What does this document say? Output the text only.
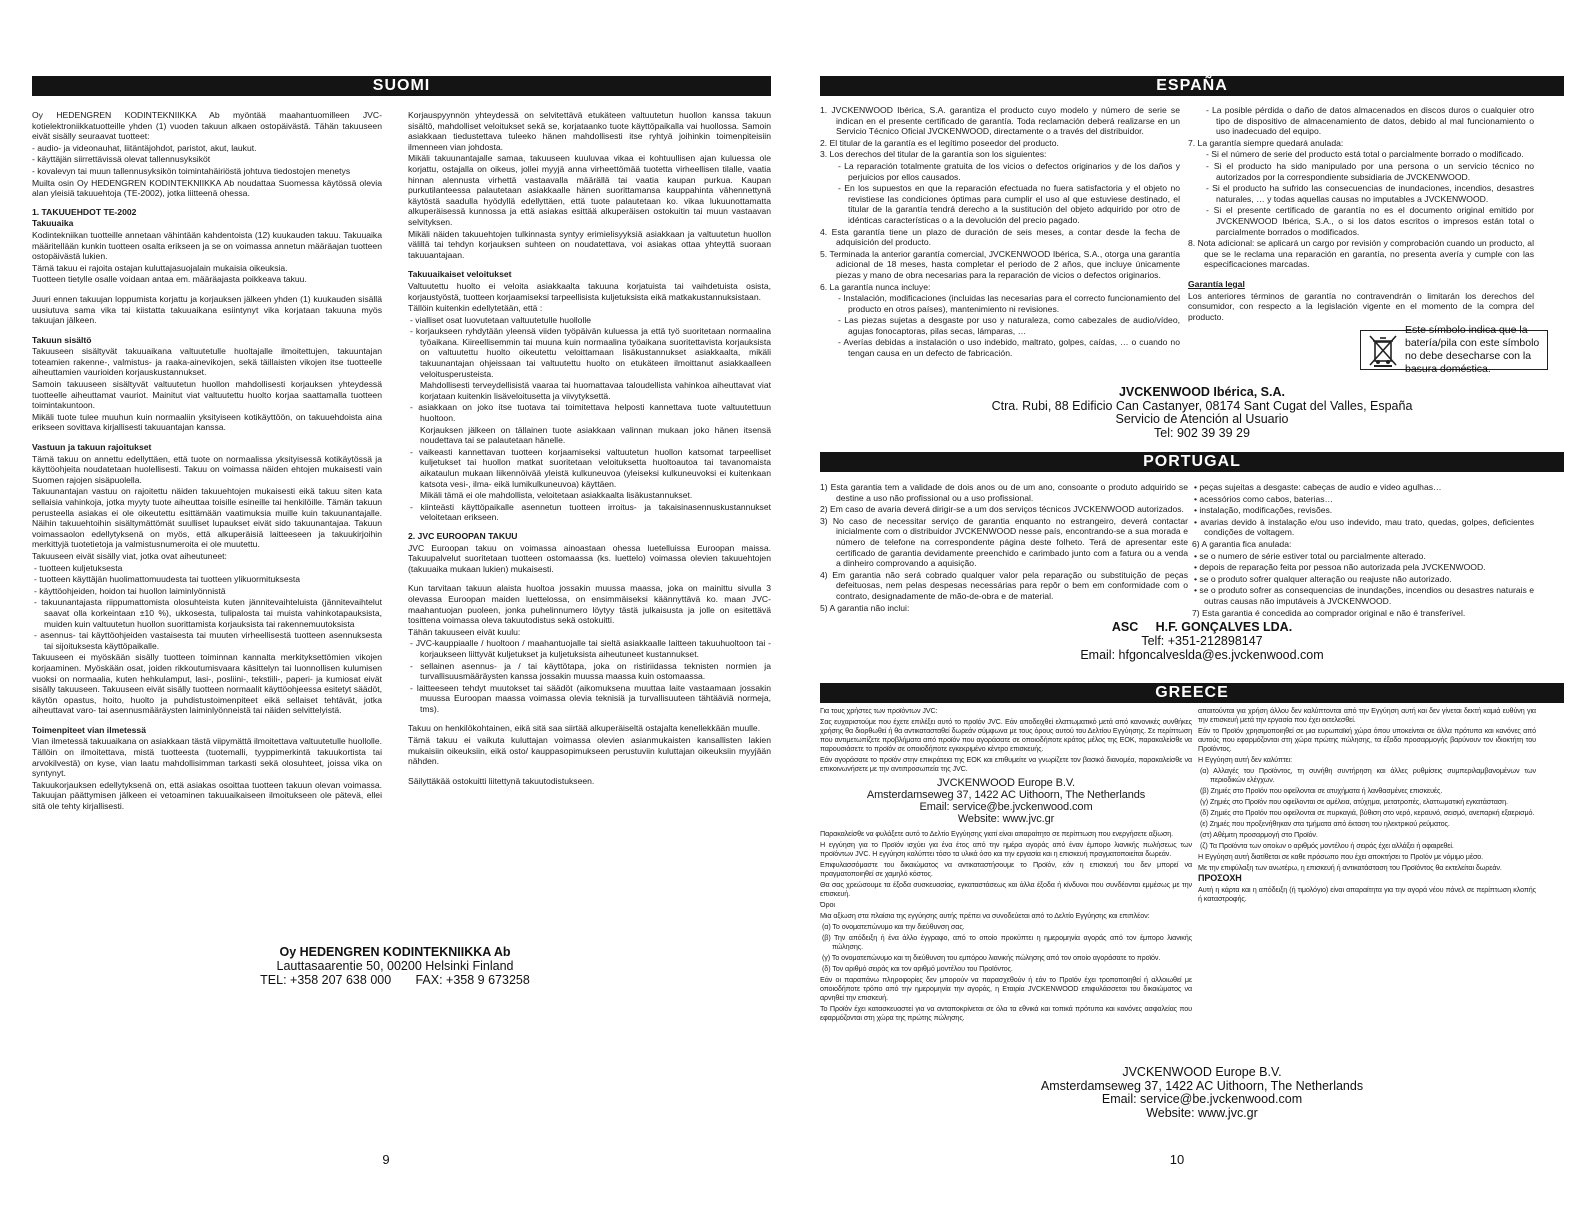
SUOMI

Oy HEDENGREN KODINTEKNIIKKA Ab myöntää maahantuomilleen JVC-kotielektroniikkatuotteille yhden (1) vuoden takuun alkaen ostopäivästä. Tähän takuuseen eivät sisälly seuraavat tuotteet:

- audio- ja videonauhat, liitäntäjohdot, paristot, akut, laukut.

- käyttäjän siirrettävissä olevat tallennusyksiköt

- kovalevyn tai muun tallennusyksikön toimintahäiriöstä johtuva tiedostojen menetys

Muilta osin Oy HEDENGREN KODINTEKNIIKKA Ab noudattaa Suomessa käytössä olevia alan yleisiä takuuehtoja (TE-2002), jotka liitteenä ohessa.

1. TAKUUEHDOT TE-2002

Takuuaika

Kodintekniikan tuotteille annetaan vähintään kahdentoista (12) kuukauden takuu. Takuuaika määritellään kunkin tuotteen osalta erikseen ja se on voimassa annetun määräajan tuotteen ostopäivästä lukien.

Tämä takuu ei rajoita ostajan kuluttajasuojalain mukaisia oikeuksia.

Tuotteen tietylle osalle voidaan antaa em. määräajasta poikkeava takuu.

Juuri ennen takuujan loppumista korjattu ja korjauksen jälkeen yhden (1) kuukauden sisällä uusiutuva sama vika tai kiistatta takuuaikana esiintynyt vika korjataan takuuna myös takuujan jälkeen.

Takuun sisältö

Takuuseen sisältyvät takuuaikana valtuutetulle huoltajalle ilmoitettujen, takuuntajan toteamien rakenne-, valmistus- ja raaka-ainevikojen, sekä täillaisten vikojen itse tuotteelle aiheuttamien vaurioiden korjauskustannukset.

Samoin takuuseen sisältyvät valtuutetun huollon mahdollisesti korjauksen yhteydessä tuotteelle aiheuttamat vauriot. Mainitut viat valtuutettu huolto korjaa saattamalla tuotteen toimintakuntoon.

Mikäli tuote tulee muuhun kuin normaaliin yksityiseen kotikäyttöön, on takuuehdoista aina erikseen sovittava kirjallisesti takuuantajan kanssa.

Vastuun ja takuun rajoitukset

Tämä takuu on annettu edellyttäen, että tuote on normaalissa yksityisessä kotikäytössä ja käyttöohjeita noudatetaan huolellisesti. Takuu on voimassa näiden ehtojen mukaisesti vain Suomen rajojen sisäpuolella.

Takuunantajan vastuu on rajoitettu näiden takuuehtojen mukaisesti eikä takuu siten kata sellaisia vahinkoja, jotka myyty tuote aiheuttaa toisille esineille tai henkilöille. Tämän takuun perusteella asiakas ei ole oikeutettu esittämään vaatimuksia muille kuin takuunantajalle. Näihin takuuehtoihin sisältymättömät suulliset lupaukset eivät sido takuunantajaa. Takuun voimassaolon edellytyksenä on myös, että alkuperäisiä laitteeseen ja takuukirjoihin merkittyjä tuotetietoja ja valmistusnumeroita ei ole muutettu.

Takuuseen eivät sisälly viat, jotka ovat aiheutuneet:

- tuotteen kuljetuksesta

- tuotteen käyttäjän huolimattomuudesta tai tuotteen ylikuormituksesta

- käyttöohjeiden, hoidon tai huollon laiminlyönnistä

- takuunantajasta riippumattomista olosuhteista kuten jännitevaihteluista (jännitevaihtelut saavat olla korkeintaan ±10 %), ukkosesta, tulipalosta tai muista vahinkotapauksista, muiden kuin valtuutetun huollon suorittamista korjauksista tai rakennemuutoksista

- asennus- tai käyttöohjeiden vastaisesta tai muuten virheellisestä tuotteen asennuksesta tai sijoituksesta käyttöpaikalle.

Takuuseen ei myöskään sisälly tuotteen toiminnan kannalta merkityksettömien vikojen korjaaminen. Myöskään osat, joiden rikkoutumisvaara käsittelyn tai luonnollisen kulumisen vuoksi on normaalia, kuten hehkulamput, lasi-, posliini-, tekstiili-, paperi- ja kumiosat eivät sisälly takuuseen. Takuuseen eivät sisälly tuotteen normaalit käyttöohjeessa esitetyt säädöt, käytön opastus, hoito, huolto ja puhdistustoimenpiteet eikä sellaiset tehtävät, jotka aiheuttavat varo- tai asennusmääräysten laiminlyönneistä tai näiden selvittelyistä.

Toimenpiteet vian ilmetessä

Vian ilmetessä takuuaikana on asiakkaan tästä viipymättä ilmoitettava valtuutetulle huollolle. Tällöin on ilmoitettava, mistä tuotteesta (tuotemalli, tyyppimerkintä takuukortista tai arvokilvestä) on kyse, vian laatu mahdollisimman tarkasti sekä olosuhteet, joissa vika on syntynyt.

Takuukorjauksen edellytyksenä on, että asiakas osoittaa tuotteen takuun olevan voimassa. Takuujan päättymisen jälkeen ei vetoaminen takuuaikaiseen ilmoitukseen ole pätevä, ellei sitä ole tehty kirjallisesti.

Korjauspyynnön yhteydessä on selvitettävä etukäteen valtuutetun huollon kanssa takuun sisältö, mahdolliset veloitukset sekä se, korjataanko tuote käyttöpaikalla vai huollossa. Samoin asiakkaan tiedustettava tuleeko hänen mahdollisesti itse ryhtyä joihinkin toimenpiteisiin ilmenneen vian johdosta.

Mikäli takuunantajalle samaa, takuuseen kuuluvaa vikaa ei kohtuullisen ajan kuluessa ole korjattu, ostajalla on oikeus, jollei myyjä anna virheettömää tuotetta virheellisen tilalle, vaatia hinnan alennusta virhettä vastaavalla määrällä tai vaatia kaupan purkua. Kaupan purkutilanteessa palautetaan asiakkaalle hänen suorittamansa kauppahinta vähennettynä käytöstä saadulla hyödyllä edellyttäen, että tuote palautetaan ko. vikaa lukuunottamatta alkuperäisessä kunnossa ja että asiakas esittää alkuperäisen ostokuitin tai muun vastaavan selvityksen.

Mikäli näiden takuuehtojen tulkinnasta syntyy erimielisyyksiä asiakkaan ja valtuutetun huollon välillä tai tehdyn korjauksen suhteen on noudatettava, voi asiakas ottaa yhteyttä suoraan takuuantajaan.

Takuuaikaiset veloitukset

Valtuutettu huolto ei veloita asiakkaalta takuuna korjatuista tai vaihdetuista osista, korjaustyöstä, tuotteen korjaamiseksi tarpeellisista kuljetuksista eikä matkakustannuksistaan.

Tällöin kuitenkin edellytetään, että :

- vialliset osat luovutetaan valtuutetulle huollolle

- korjaukseen ryhdytään yleensä viiden työpäivän kuluessa ja että työ suoritetaan normaalina työaikana. Kiireellisemmin tai muuna kuin normaalina työaikana suoritettavista korjauksista on valtuutettu huolto oikeutettu veloittamaan lisäkustannukset asiakkaalta, mikäli takuunantajan ohjeissaan tai valtuutettu huolto on etukäteen ilmoittanut asiakkaalleen veloitusperusteista.

Mahdollisesti terveydellisistä vaaraa tai huomattavaa taloudellista vahinkoa aiheuttavat viat korjataan kuitenkin lisäveloitusetta ja viivytyksettä.

- asiakkaan on joko itse tuotava tai toimitettava helposti kannettava tuote valtuutettuun huoltoon.

Korjauksen jälkeen on tällainen tuote asiakkaan valinnan mukaan joko hänen itsensä noudettava tai se palautetaan hänelle.

- vaikeasti kannettavan tuotteen korjaamiseksi valtuutetun huollon katsomat tarpeelliset kuljetukset tai huollon matkat suoritetaan veloituksetta huoltoautoa tai tavanomaista aikataulun mukaan liikennöivää yleistä kulkuneuvoa (yleiseksi kulkuneuvoksi ei kuitenkaan katsota vesi-, ilma- eikä lumikulkuneuvoa) käyttäen.

Mikäli tämä ei ole mahdollista, veloitetaan asiakkaalta lisäkustannukset.

- kiinteästi käyttöpaikalle asennetun tuotteen irroitus- ja takaisinasennuskustannukset veloitetaan erikseen.

2. JVC EUROOPAN TAKUU

JVC Euroopan takuu on voimassa ainoastaan ohessa luetelluissa Euroopan maissa. Takuupalvelut suoritetaan tuotteen ostomaassa (ks. luettelo) voimassa olevien takuuehtojen (takuuaika mukaan lukien) mukaisesti.

Kun tarvitaan takuun alaista huoltoa jossakin muussa maassa, joka on mainittu sivulla 3 olevassa Euroopan maiden luettelossa, on ensimmäiseksi käännyttävä ko. maan JVC-maahantuojan puoleen, jonka puhelinnumero löytyy tästä julkaisusta ja jolle on esitettävä tosittena voimassa oleva takuutodistus sekä ostokuitti.

Tähän takuuseen eivät kuulu:

- JVC-kauppiaalle / huoltoon / maahantuojalle tai sieltä asiakkaalle laitteen takuuhuoltoon tai - korjaukseen liittyvät kuljetukset ja kuljetuksista aiheutuneet kustannukset.

- sellainen asennus- ja / tai käyttötapa, joka on ristiriidassa teknisten normien ja turvallisuusmääräysten kanssa jossakin muussa maassa kuin ostomaassa.

- laitteeseen tehdyt muutokset tai säädöt (aikomuksena muuttaa laite vastaamaan jossakin muussa Euroopan maassa voimassa olevia teknisiä ja turvallisuuteen tähtääviä normeja, tms).

Takuu on henkilökohtainen, eikä sitä saa siirtää alkuperäiseltä ostajalta kenellekkään muulle.

Tämä takuu ei vaikuta kuluttajan voimassa olevien asianmukaisten kansallisten lakien mukaisiin oikeuksiin, eikä osto/ kauppasopimukseen perustuviin kuluttajan oikeuksiin myyjään nähden.

Säilyttäkää ostokuitti liitettynä takuutodistukseen.

Oy HEDENGREN KODINTEKNIIKKA Ab
Lauttasaarentie 50, 00200 Helsinki Finland
TEL: +358 207 638 000 FAX: +358 9 673258
9
ESPAÑA

1. JVCKENWOOD Ibérica, S.A. garantiza el producto cuyo modelo y número de serie se indican en el presente certificado de garantía. Toda reclamación deberá realizarse en un Servicio Técnico Oficial JVCKENWOOD, directamente o a través del distribuidor.

2. El titular de la garantía es el legítimo poseedor del producto.

3. Los derechos del titular de la garantía son los siguientes:

- La reparación totalmente gratuita de los vicios o defectos originarios y de los daños y perjuicios por ellos causados.

- En los supuestos en que la reparación efectuada no fuera satisfactoria y el objeto no revistiese las condiciones óptimas para cumplir el uso al que estuviese destinado, el titular de la garantía tendrá derecho a la sustitución del objeto adquirido por otro de idénticas características o a la devolución del precio pagado.

4. Esta garantía tiene un plazo de duración de seis meses, a contar desde la fecha de adquisición del producto.

5. Terminada la anterior garantía comercial, JVCKENWOOD Ibérica, S.A., otorga una garantía adicional de 18 meses, hasta completar el periodo de 2 años, que incluye únicamente piezas y mano de obra necesarias para la reparación de vicios o defectos originarios.

6. La garantía nunca incluye:

- Instalación, modificaciones (incluidas las necesarias para el correcto funcionamiento del producto en otros países), mantenimiento ni revisiones.

- Las piezas sujetas a desgaste por uso y naturaleza, como cabezales de audio/vídeo, agujas fonocaptoras, pilas secas, lámparas, …

- Averías debidas a instalación o uso indebido, maltrato, golpes, caídas, … o cuando no tengan causa en un defecto de fabricación.

- La posible pérdida o daño de datos almacenados en discos duros o cualquier otro tipo de dispositivo de almacenamiento de datos, debido al mal funcionamiento o uso inadecuado del equipo.

7. La garantía siempre quedará anulada:

- Si el número de serie del producto está total o parcialmente borrado o modificado.

- Si el producto ha sido manipulado por una persona o un servicio técnico no autorizados por la correspondiente subsidiaria de JVCKENWOOD.

- Si el producto ha sufrido las consecuencias de inundaciones, incendios, desastres naturales, … y todas aquellas causas no imputables a JVCKENWOOD.

- Si el presente certificado de garantía no es el documento original emitido por JVCKENWOOD Ibérica, S.A., o si los datos escritos o impresos están total o parcialmente borrados o modificados.

8. Nota adicional: se aplicará un cargo por revisión y comprobación cuando un producto, al que se le reclama una reparación en garantía, no presenta avería y cumple con las especificaciones marcadas.

Garantía legal

Los anteriores términos de garantía no contravendrán o limitarán los derechos del consumidor, con respecto a la legislación vigente en el momento de la compra del producto.

Este símbolo indica que la batería/pila con este símbolo no debe desecharse con la basura doméstica.
JVCKENWOOD Ibérica, S.A.
Ctra. Rubi, 88 Edificio Can Castanyer, 08174 Sant Cugat del Valles, España
Servicio de Atención al Usuario
Tel: 902 39 39 29
PORTUGAL

1) Esta garantia tem a validade de dois anos ou de um ano, consoante o produto adquirido se destine a uso não profissional ou a uso profissional.

2) Em caso de avaria deverá dirigir-se a um dos serviços técnicos JVCKENWOOD autorizados.

3) No caso de necessitar serviço de garantia enquanto no estrangeiro, deverá contactar inicialmente com o distribuidor JVCKENWOOD nesse país, encontrando-se a sua morada e número de telefone na correspondente página deste folheto. Terá de apresentar este certificado de garantia devidamente preenchido e carimbado junto com a fatura ou a venda a dinheiro comprovando a aquisição.

4) Em garantia não será cobrado qualquer valor pela reparação ou substituição de peças defeituosas, nem pelas despesas necessárias para repôr o bem em conformidade com o contrato, designadamente de mão-de-obra e de material.

5) A garantia não inclui:

• peças sujeitas a desgaste: cabeças de audio e video agulhas…

• acessórios como cabos, baterias…

• instalação, modificações, revisões.

• avarias devido à instalação e/ou uso indevido, mau trato, quedas, golpes, deficientes condições de voltagem.

6) A garantia fica anulada:

• se o numero de série estiver total ou parcialmente alterado.

• depois de reparação feita por pessoa não autorizada pela JVCKENWOOD.

• se o produto sofrer qualquer alteração ou reajuste não autorizado.

• se o produto sofrer as consequencias de inundações, incendios ou desastres naturais e outras causas não imputáveis à JVCKENWOOD.

7) Esta garantia é concedida ao comprador original e não é transferível.

ASC     H.F. GONÇALVES LDA.
Telf: +351-212898147
Email: hfgoncalveslda@es.jvckenwood.com
GREECE

Για τους χρήστες των προϊόντων JVC:

Σας ευχαριστούμε που έχετε επιλέξει αυτό το προϊόν JVC. Εάν αποδειχθεί ελαττωματικό μετά από κανονικές συνθήκες χρήσης θα διορθωθεί ή θα αντικατασταθεί δωρεάν σύμφωνα με τους όρους αυτού του Δελτίου Εγγύησης. Σε περίπτωση που αντιμετωπίζετε προβλήματα από προϊόν που αγοράσατε σε οποιοδήποτε κράτος μέλος της ΕΟΚ, παρακαλείσθε να παρουσιάσετε το προϊόν σε οποιοδήποτε εγκεκριμένο κέντρο επισκευής.

Εάν αγοράσατε το προϊόν στην επικράτεια της ΕΟΚ και επιθυμείτε να γνωρίζετε τον βασικό διανομέα, παρακαλείσθε να επικοινωνήσετε με την αντιπροσωπεία της JVC.

JVCKENWOOD Europe B.V.
Amsterdamseweg 37, 1422 AC Uithoorn, The Netherlands
Email: service@be.jvckenwood.com
Website: www.jvc.gr

Παρακαλείσθε να φυλάξετε αυτό το Δελτίο Εγγύησης γιατί είναι απαραίτητο σε περίπτωση που ενεργήσετε αξίωση.

Η εγγύηση για το Προϊόν ισχύει για ένα έτος από την ημέρα αγοράς από έναν έμπορο λιανικής πωλήσεως των προϊόντων JVC. Η εγγύηση καλύπτει τόσο τα υλικά όσο και την εργασία και η επισκευή πραγματοποιείται δωρεάν.

Επιφυλασσόμαστε του δικαιώματος να αντικαταστήσουμε το Προϊόν, εάν η επισκευή του δεν μπορεί να πραγματοποιηθεί σε χαμηλό κόστος.

Θα σας χρεώσουμε τα έξοδα συσκευασίας, εγκαταστάσεως και άλλα έξοδα ή κίνδυνοι που συνδέονται εμμέσως με την επισκευή.

Όροι

Μια αξίωση στα πλαίσια της εγγύησης αυτής πρέπει να συνοδεύεται από το Δελτίο Εγγύησης και επιπλέον:

(α) Το ονοματεπώνυμο και την διεύθυνση σας.

(β) Την απόδειξη ή ένα άλλο έγγραφο, από το οποίο προκύπτει η ημερομηνία αγοράς από τον έμπορο λιανικής πώλησης.

(γ) Το ονοματεπώνυμο και τη διεύθυνση του εμπόρου λιανικής πώλησης από τον οποίο αγοράσατε το προϊόν.

(δ) Τον αριθμό σειράς και τον αριθμό μοντέλου του Προϊόντος.

Εάν οι παραπάνω πληροφορίες δεν μπορούν να παρασχεθούν ή εάν το Προϊόν έχει τροποποιηθεί ή αλλοιωθεί με οποιοδήποτε τρόπο από την ημερομηνία την αγοράς, η Εταιρία JVCKENWOOD επιφυλάσσεται του δικαιώματος να αρνηθεί την επισκευή.

Το Προϊόν έχει κατασκευαστεί για να ανταποκρίνεται σε όλα τα εθνικά και τοπικά πρότυπα και κανόνες ασφαλείας που εφαρμόζονται στη χώρα της πρώτης πώλησης.

απαιτούνται για χρήση άλλου δεν καλύπτονται από την Εγγύηση αυτή και δεν γίνεται δεκτή καμιά ευθύνη για την επισκευή μετά την εργασία που έχει εκτελεσθεί.

Εάν το Προϊόν χρησιμοποιηθεί σε μια ευρωπαϊκή χώρα όπου υποκείνται σε άλλα πρότυπα και κανόνες από αυτούς που εφαρμόζονται στη χώρα πρώτης πώλησης, τα έξοδα προσαρμογής βαρύνουν τον ιδιοκτήτη του Προϊόντος.

Η Εγγύηση αυτή δεν καλύπτει:

(α) Αλλαγές του Προϊόντος, τη συνήθη συντήρηση και άλλες ρυθμίσεις συμπεριλαμβανομένων των περιοδικών ελέγχων.

(β) Ζημιές στο Προϊόν που οφείλονται σε ατυχήματα ή λανθασμένες επισκευές.

(γ) Ζημιές στο Προϊόν που οφείλονται σε αμέλεια, ατύχημα, μετατροπές, ελαττωματική εγκατάσταση.

(δ) Ζημιές στο Προϊόν που οφείλονται σε πυρκαγιά, βύθιση στο νερό, κεραυνό, σεισμό, ανεπαρκή εξαερισμό.

(ε) Ζημιές που προξενήθηκαν στα τμήματα από έκταση του ηλεκτρικού ρεύματος.

(στ) Αθέμιτη προσαρμογή στο Προϊόν.

(ζ) Τα Προϊόντα των οποίων ο αριθμός μοντέλου ή σειράς έχει αλλάξει ή αφαιρεθεί.

Η Εγγύηση αυτή διατίθεται σε καθε πρόσωπο που έχει αποκτήσει το Προϊόν με νόμιμο μέσο.

Με την επιφύλαξη των ανωτέρω, η επισκευή ή αντικατάσταση του Προϊόντος θα εκτελείται δωρεάν.

ΠΡΟΣΟΧΗ

Αυτή η κάρτα και η απόδειξη (ή τιμολόγιο) είναι απαραίτητα για την αγορά νέου πάνελ σε περίπτωση κλοπής ή καταστροφής.

JVCKENWOOD Europe B.V.
Amsterdamseweg 37, 1422 AC Uithoorn, The Netherlands
Email: service@be.jvckenwood.com
Website: www.jvc.gr
10
